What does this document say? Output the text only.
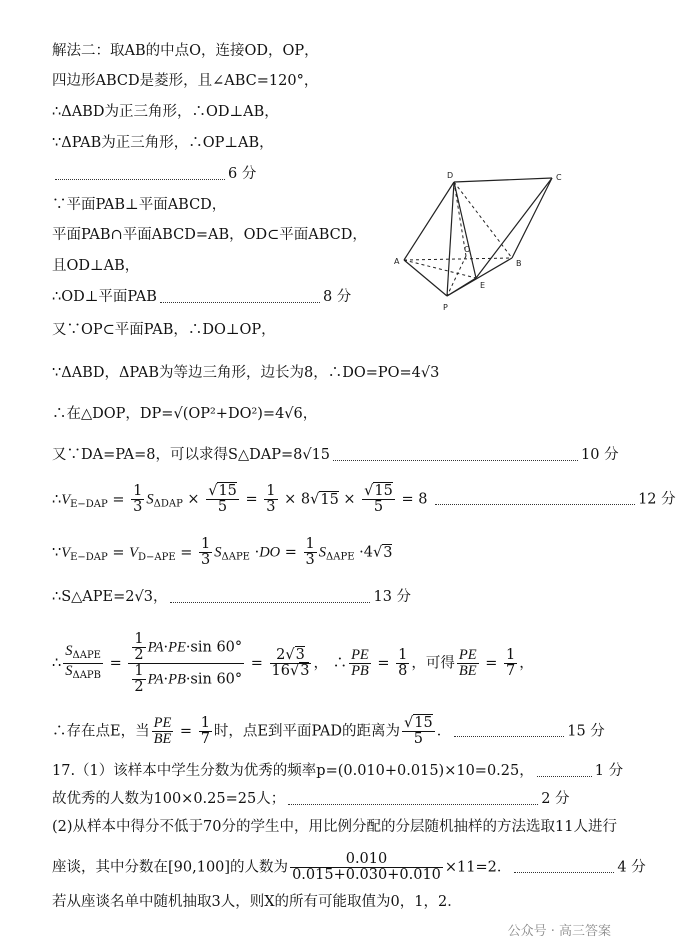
解法二：取AB的中点O，连接OD，OP，
四边形ABCD是菱形，且∠ABC=120°，
∴ΔABD为正三角形，∴OD⊥AB，
∵ΔPAB为正三角形，∴OP⊥AB，
6 分
∵平面PAB⊥平面ABCD，
平面PAB∩平面ABCD=AB，OD⊂平面ABCD，
且OD⊥AB，
∴OD⊥平面PAB	8 分
D	C
A
O
B
E
P
又∵OP⊂平面PAB，∴DO⊥OP，
∵ΔABD，ΔPAB为等边三角形，边长为8，∴DO=PO=4√3
∴在△DOP，DP=√(OP²+DO²)=4√6，
又∵DA=PA=8，可以求得S△DAP=8√15	10 分
$\therefore V_{E-DAP} = \frac{1}{3} S_{\Delta DAP} \times \frac{√15}{5} = \frac{1}{3} \times 8√15 \times \frac{√15}{5} = 8$	12 分
$\because V_{E-DAP} = V_{D-APE} = \frac{1}{3} S_{\Delta APE} \cdot DO = \frac{1}{3} S_{\Delta APE} \cdot 4√3$
∴S△APE=2√3，	13 分
∴ $\frac{S_{\Delta APE}}{S_{\Delta APB}} = \frac{\frac{1}{2} PA\cdot PE\cdot\sin 60^\circ}{\frac{1}{2} PA\cdot PB\cdot\sin 60^\circ} = \frac{2√3}{16√3}$ ， ∴ $\frac{PE}{PB} = \frac{1}{8}$ ，可得 $\frac{PE}{BE} = \frac{1}{7}$ ，
∴存在点E，当 $\frac{PE}{BE} = \frac{1}{7}$ 时，点E到平面PAD的距离为 $\frac{√15}{5}$ ．	15 分
17.（1）该样本中学生分数为优秀的频率p=(0.010+0.015)×10=0.25，	1 分
故优秀的人数为100×0.25=25人；	2 分
(2)从样本中得分不低于70分的学生中，用比例分配的分层随机抽样的方法选取11人进行
座谈，其中分数在[90,100]的人数为 $\frac{0.010}{0.015+0.030+0.010} \times 11=2$．	4 分
若从座谈名单中随机抽取3人，则X的所有可能取值为0，1，2．
公众号 · 高三答案
